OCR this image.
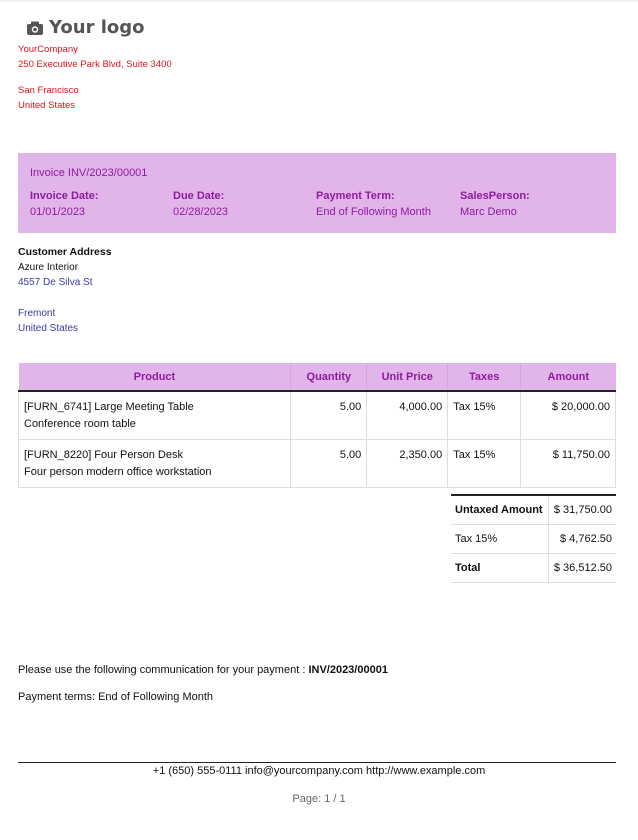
Your logo
YourCompany
250 Executive Park Blvd, Suite 3400
San Francisco
United States
Invoice INV/2023/00001
Invoice Date:
01/01/2023
Due Date:
02/28/2023
Payment Term:
End of Following Month
SalesPerson:
Marc Demo
Customer Address
Azure Interior
4557 De Silva St
Fremont
United States
Product	Quantity	Unit Price	Taxes	Amount

[FURN_6741] Large Meeting Table
Conference room table	5.00	4,000.00	Tax 15%	$ 20,000.00

[FURN_8220] Four Person Desk
Four person modern office workstation	5.00	2,350.00	Tax 15%	$ 11,750.00
Untaxed Amount	$ 31,750.00
Tax 15%	$ 4,762.50
Total	$ 36,512.50
Please use the following communication for your payment : INV/2023/00001
Payment terms: End of Following Month
+1 (650) 555-0111 info@yourcompany.com http://www.example.com
Page: 1 / 1
